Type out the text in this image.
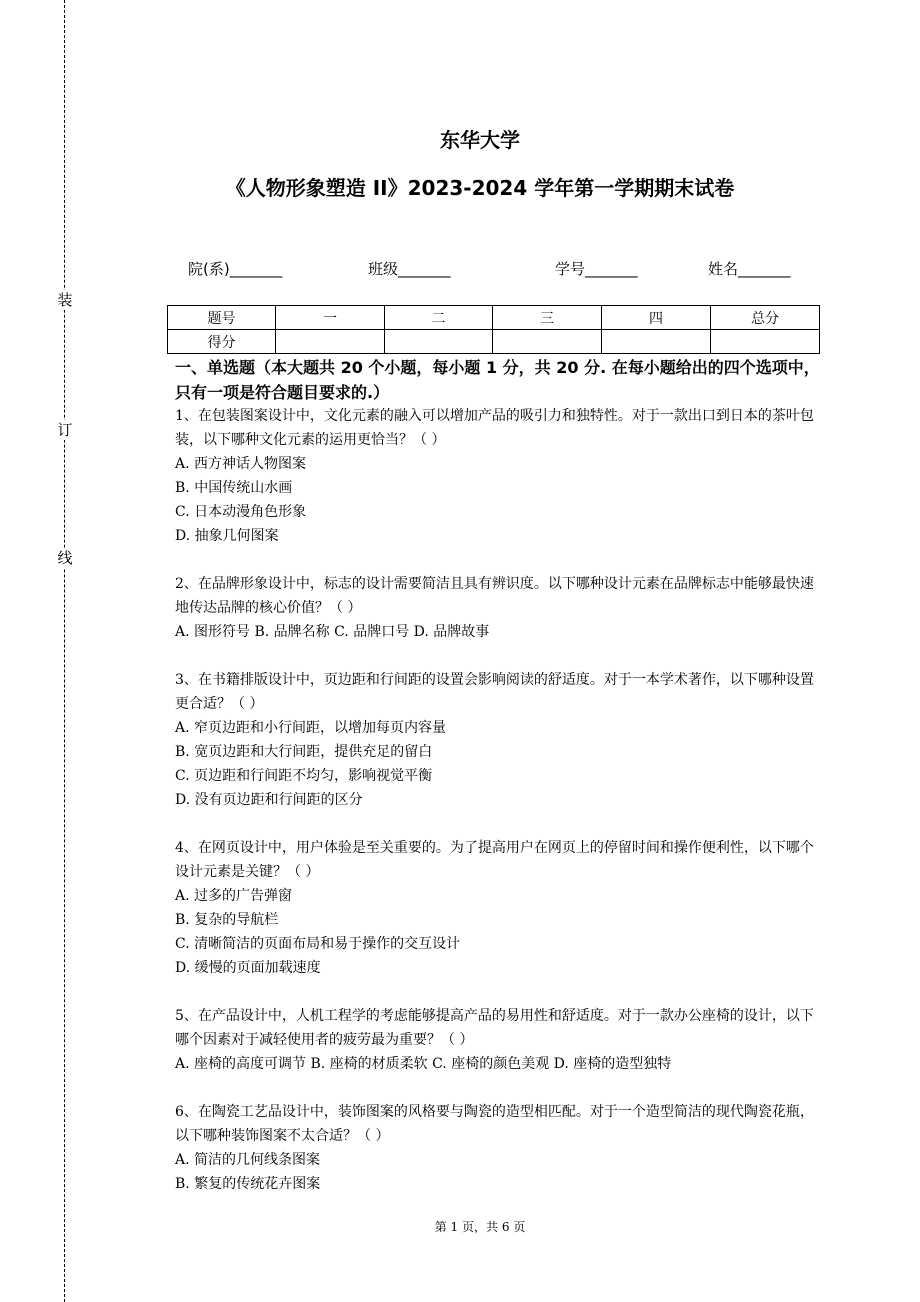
装
订
线
东华大学
《人物形象塑造 II》2023-2024 学年第一学期期末试卷
院(系)_______	班级_______	学号_______	姓名_______
题号	一	二	三	四	总分
得分					
一、单选题（本大题共 20 个小题，每小题 1 分，共 20 分. 在每小题给出的四个选项中，只有一项是符合题目要求的.）
1、在包装图案设计中，文化元素的融入可以增加产品的吸引力和独特性。对于一款出口到日本的茶叶包装，以下哪种文化元素的运用更恰当？（ ）
A. 西方神话人物图案
B. 中国传统山水画
C. 日本动漫角色形象
D. 抽象几何图案
2、在品牌形象设计中，标志的设计需要简洁且具有辨识度。以下哪种设计元素在品牌标志中能够最快速地传达品牌的核心价值？（ ）
A. 图形符号 B. 品牌名称 C. 品牌口号 D. 品牌故事
3、在书籍排版设计中，页边距和行间距的设置会影响阅读的舒适度。对于一本学术著作，以下哪种设置更合适？（ ）
A. 窄页边距和小行间距，以增加每页内容量
B. 宽页边距和大行间距，提供充足的留白
C. 页边距和行间距不均匀，影响视觉平衡
D. 没有页边距和行间距的区分
4、在网页设计中，用户体验是至关重要的。为了提高用户在网页上的停留时间和操作便利性，以下哪个设计元素是关键？（ ）
A. 过多的广告弹窗
B. 复杂的导航栏
C. 清晰简洁的页面布局和易于操作的交互设计
D. 缓慢的页面加载速度
5、在产品设计中，人机工程学的考虑能够提高产品的易用性和舒适度。对于一款办公座椅的设计，以下哪个因素对于减轻使用者的疲劳最为重要？（ ）
A. 座椅的高度可调节 B. 座椅的材质柔软 C. 座椅的颜色美观 D. 座椅的造型独特
6、在陶瓷工艺品设计中，装饰图案的风格要与陶瓷的造型相匹配。对于一个造型简洁的现代陶瓷花瓶，以下哪种装饰图案不太合适？（ ）
A. 简洁的几何线条图案
B. 繁复的传统花卉图案
第 1 页，共 6 页
